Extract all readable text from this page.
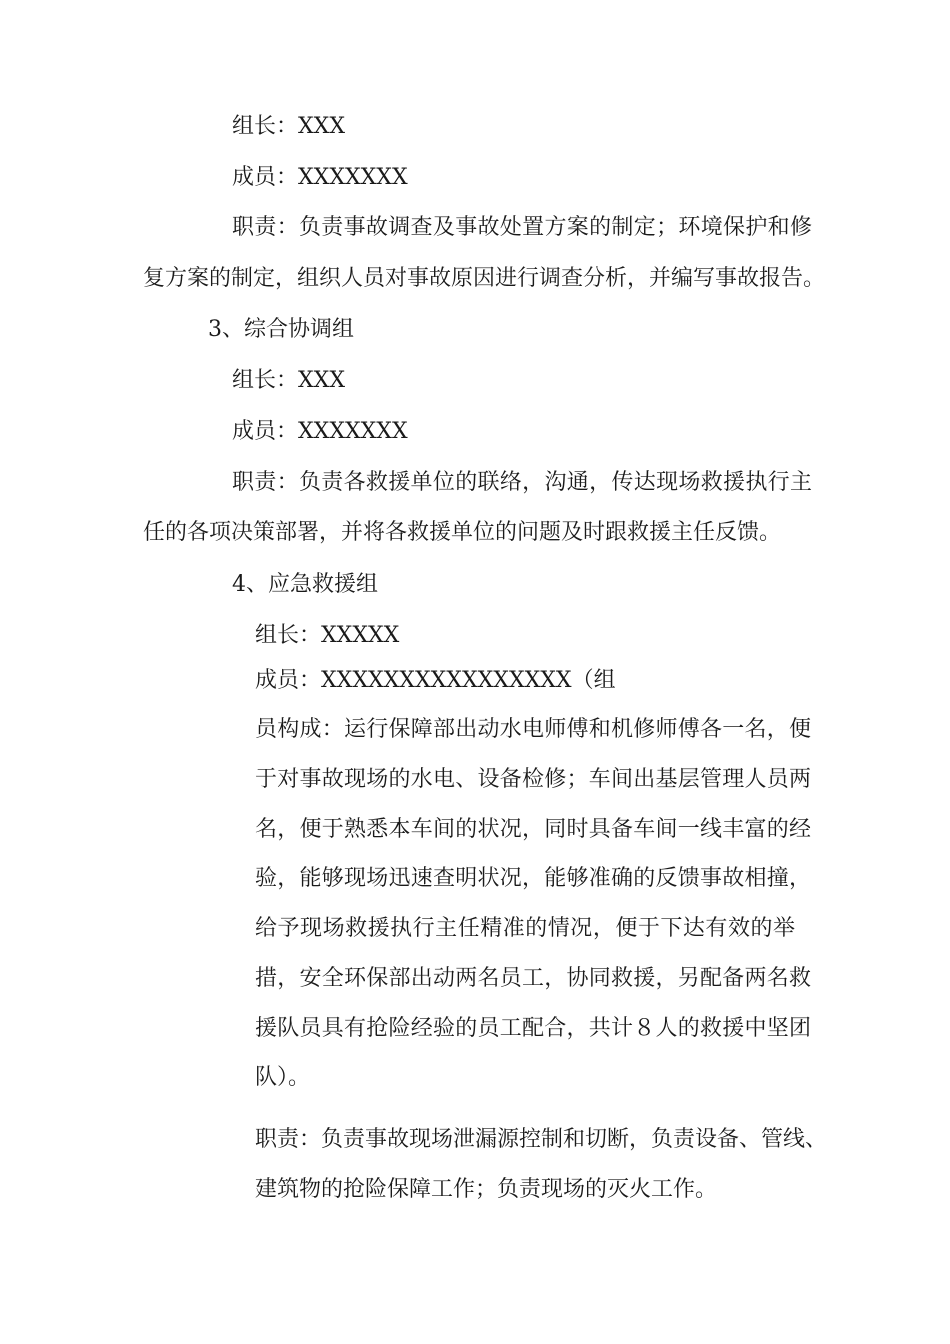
组长：XXX

成员：XXXXXXX

职责：负责事故调查及事故处置方案的制定；环境保护和修

复方案的制定，组织人员对事故原因进行调查分析，并编写事故报告。

3、综合协调组

组长：XXX

成员：XXXXXXX

职责：负责各救援单位的联络，沟通，传达现场救援执行主

任的各项决策部署，并将各救援单位的问题及时跟救援主任反馈。

4、应急救援组

组长：XXXXX

成员：XXXXXXXXXXXXXXXX（组

员构成：运行保障部出动水电师傅和机修师傅各一名，便

于对事故现场的水电、设备检修；车间出基层管理人员两

名，便于熟悉本车间的状况，同时具备车间一线丰富的经

验，能够现场迅速查明状况，能够准确的反馈事故相撞，

给予现场救援执行主任精准的情况，便于下达有效的举

措，安全环保部出动两名员工，协同救援，另配备两名救

援队员具有抢险经验的员工配合，共计８人的救援中坚团

队）。

职责：负责事故现场泄漏源控制和切断，负责设备、管线、

建筑物的抢险保障工作；负责现场的灭火工作。
